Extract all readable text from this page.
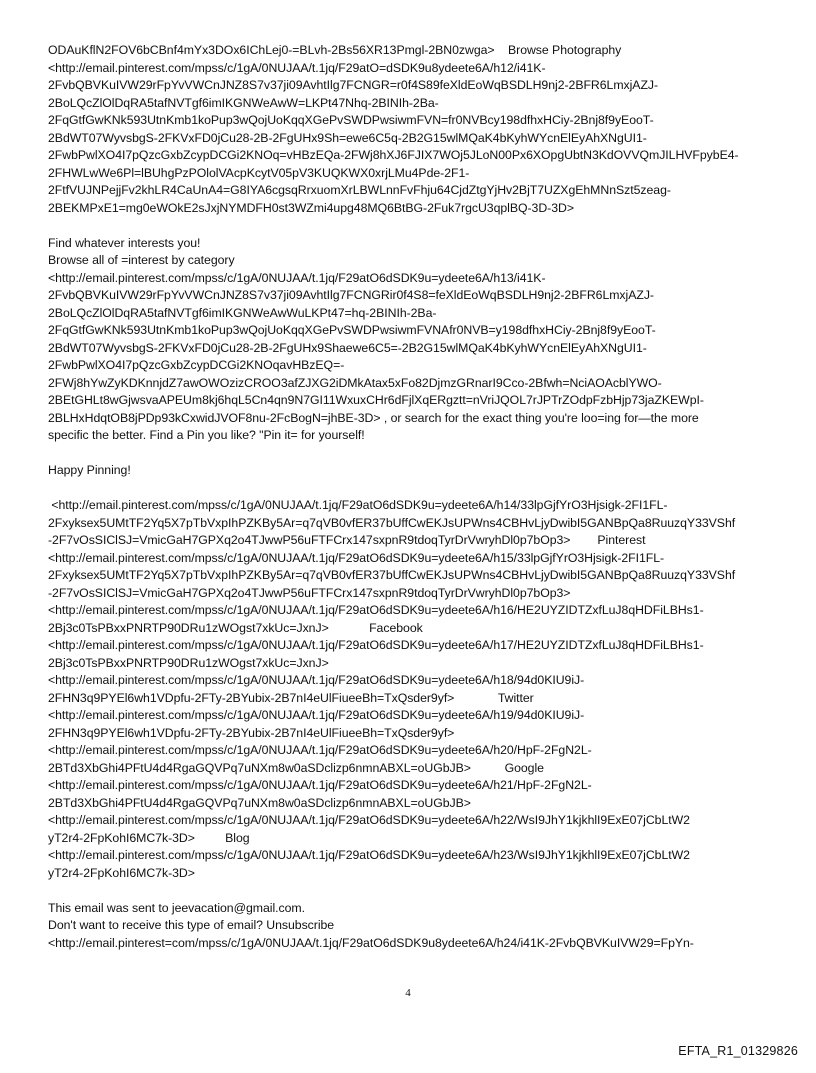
ODAuKflN2FOV6bCBnf4mYx3DOx6IChLej0-=BLvh-2Bs56XR13Pmgl-2BN0zwga>    Browse Photography
<http://email.pinterest.com/mpss/c/1gA/0NUJAA/t.1jq/F29atO=dSDK9u8ydeete6A/h12/i41K-
2FvbQBVKuIVW29rFpYvVWCnJNZ8S7v37ji09AvhtIlg7FCNGR=r0f4S89feXldEoWqBSDLH9nj2-2BFR6LmxjAZJ-
2BoLQcZlOlDqRA5tafNVTgf6imIKGNWeAwW=LKPt47Nhq-2BINIh-2Ba-
2FqGtfGwKNk593UtnKmb1koPup3wQojUoKqqXGePvSWDPwsiwmFVN=fr0NVBcy198dfhxHCiy-2Bnj8f9yEooT-
2BdWT07WyvsbgS-2FKVxFD0jCu28-2B-2FgUHx9Sh=ewe6C5q-2B2G15wlMQaK4bKyhWYcnElEyAhXNgUI1-
2FwbPwlXO4I7pQzcGxbZcypDCGi2KNOq=vHBzEQa-2FWj8hXJ6FJIX7WOj5JLoN00Px6XOpgUbtN3KdOVVQmJILHVFpybE4-
2FHWLwWe6Pl=lBUhgPzPOlolVAcpKcytV05pV3KUQKWX0xrjLMu4Pde-2F1-
2FtfVUJNPejjFv2khLR4CaUnA4=G8IYA6cgsqRrxuomXrLBWLnnFvFhju64CjdZtgYjHv2BjT7UZXgEhMNnSzt5zeag-
2BEKMPxE1=mg0eWOkE2sJxjNYMDFH0st3WZmi4upg48MQ6BtBG-2Fuk7rgcU3qplBQ-3D-3D>
Find whatever interests you!
Browse all of =interest by category
<http://email.pinterest.com/mpss/c/1gA/0NUJAA/t.1jq/F29atO6dSDK9u=ydeete6A/h13/i41K-
2FvbQBVKuIVW29rFpYvVWCnJNZ8S7v37ji09AvhtIlg7FCNGRir0f4S8=feXldEoWqBSDLH9nj2-2BFR6LmxjAZJ-
2BoLQcZlOlDqRA5tafNVTgf6imIKGNWeAwWuLKPt47=hq-2BINIh-2Ba-
2FqGtfGwKNk593UtnKmb1koPup3wQojUoKqqXGePvSWDPwsiwmFVNAfr0NVB=y198dfhxHCiy-2Bnj8f9yEooT-
2BdWT07WyvsbgS-2FKVxFD0jCu28-2B-2FgUHx9Shaewe6C5=-2B2G15wlMQaK4bKyhWYcnElEyAhXNgUI1-
2FwbPwlXO4I7pQzcGxbZcypDCGi2KNOqavHBzEQ=-
2FWj8hYwZyKDKnnjdZ7awOWOzizCROO3afZJXG2iDMkAtax5xFo82DjmzGRnarI9Cco-2Bfwh=NciAOAcblYWO-
2BEtGHLt8wGjwsvaAPEUm8kj6hqL5Cn4qn9N7GI11WxuxCHr6dFjlXqERgztt=nVriJQOL7rJPTrZOdpFzbHjp73jaZKEWpI-
2BLHxHdqtOB8jPDp93kCxwidJVOF8nu-2FcBogN=jhBE-3D> , or search for the exact thing you're loo=ing for—the more
specific the better. Find a Pin you like? "Pin it= for yourself!
Happy Pinning!
<http://email.pinterest.com/mpss/c/1gA/0NUJAA/t.1jq/F29atO6dSDK9u=ydeete6A/h14/33lpGjfYrO3Hjsigk-2FI1FL-
2Fxyksex5UMtTF2Yq5X7pTbVxpIhPZKBy5Ar=q7qVB0vfER37bUffCwEKJsUPWns4CBHvLjyDwibI5GANBpQa8RuuzqY33VShf
-2F7vOsSIClSJ=VmicGaH7GPXq2o4TJwwP56uFTFCrx147sxpnR9tdoqTyrDrVwryhDl0p7bOp3>        Pinterest
<http://email.pinterest.com/mpss/c/1gA/0NUJAA/t.1jq/F29atO6dSDK9u=ydeete6A/h15/33lpGjfYrO3Hjsigk-2FI1FL-
2Fxyksex5UMtTF2Yq5X7pTbVxpIhPZKBy5Ar=q7qVB0vfER37bUffCwEKJsUPWns4CBHvLjyDwibI5GANBpQa8RuuzqY33VShf
-2F7vOsSIClSJ=VmicGaH7GPXq2o4TJwwP56uFTFCrx147sxpnR9tdoqTyrDrVwryhDl0p7bOp3>
<http://email.pinterest.com/mpss/c/1gA/0NUJAA/t.1jq/F29atO6dSDK9u=ydeete6A/h16/HE2UYZIDTZxfLuJ8qHDFiLBHs1-
2Bj3c0TsPBxxPNRTP90DRu1zWOgst7xkUc=JxnJ>            Facebook
<http://email.pinterest.com/mpss/c/1gA/0NUJAA/t.1jq/F29atO6dSDK9u=ydeete6A/h17/HE2UYZIDTZxfLuJ8qHDFiLBHs1-
2Bj3c0TsPBxxPNRTP90DRu1zWOgst7xkUc=JxnJ>
<http://email.pinterest.com/mpss/c/1gA/0NUJAA/t.1jq/F29atO6dSDK9u=ydeete6A/h18/94d0KIU9iJ-
2FHN3q9PYEl6wh1VDpfu-2FTy-2BYubix-2B7nI4eUlFiueeBh=TxQsder9yf>             Twitter
<http://email.pinterest.com/mpss/c/1gA/0NUJAA/t.1jq/F29atO6dSDK9u=ydeete6A/h19/94d0KIU9iJ-
2FHN3q9PYEl6wh1VDpfu-2FTy-2BYubix-2B7nI4eUlFiueeBh=TxQsder9yf>
<http://email.pinterest.com/mpss/c/1gA/0NUJAA/t.1jq/F29atO6dSDK9u=ydeete6A/h20/HpF-2FgN2L-
2BTd3XbGhi4PFtU4d4RgaGQVPq7uNXm8w0aSDclizp6nmnABXL=oUGbJB>          Google
<http://email.pinterest.com/mpss/c/1gA/0NUJAA/t.1jq/F29atO6dSDK9u=ydeete6A/h21/HpF-2FgN2L-
2BTd3XbGhi4PFtU4d4RgaGQVPq7uNXm8w0aSDclizp6nmnABXL=oUGbJB>
<http://email.pinterest.com/mpss/c/1gA/0NUJAA/t.1jq/F29atO6dSDK9u=ydeete6A/h22/WsI9JhY1kjkhlI9ExE07jCbLtW2
yT2r4-2FpKohI6MC7k-3D>         Blog
<http://email.pinterest.com/mpss/c/1gA/0NUJAA/t.1jq/F29atO6dSDK9u=ydeete6A/h23/WsI9JhY1kjkhlI9ExE07jCbLtW2
yT2r4-2FpKohI6MC7k-3D>
This email was sent to jeevacation@gmail.com.
Don't want to receive this type of email? Unsubscribe
<http://email.pinterest=com/mpss/c/1gA/0NUJAA/t.1jq/F29atO6dSDK9u8ydeete6A/h24/i41K-2FvbQBVKuIVW29=FpYn-
4
EFTA_R1_01329826
